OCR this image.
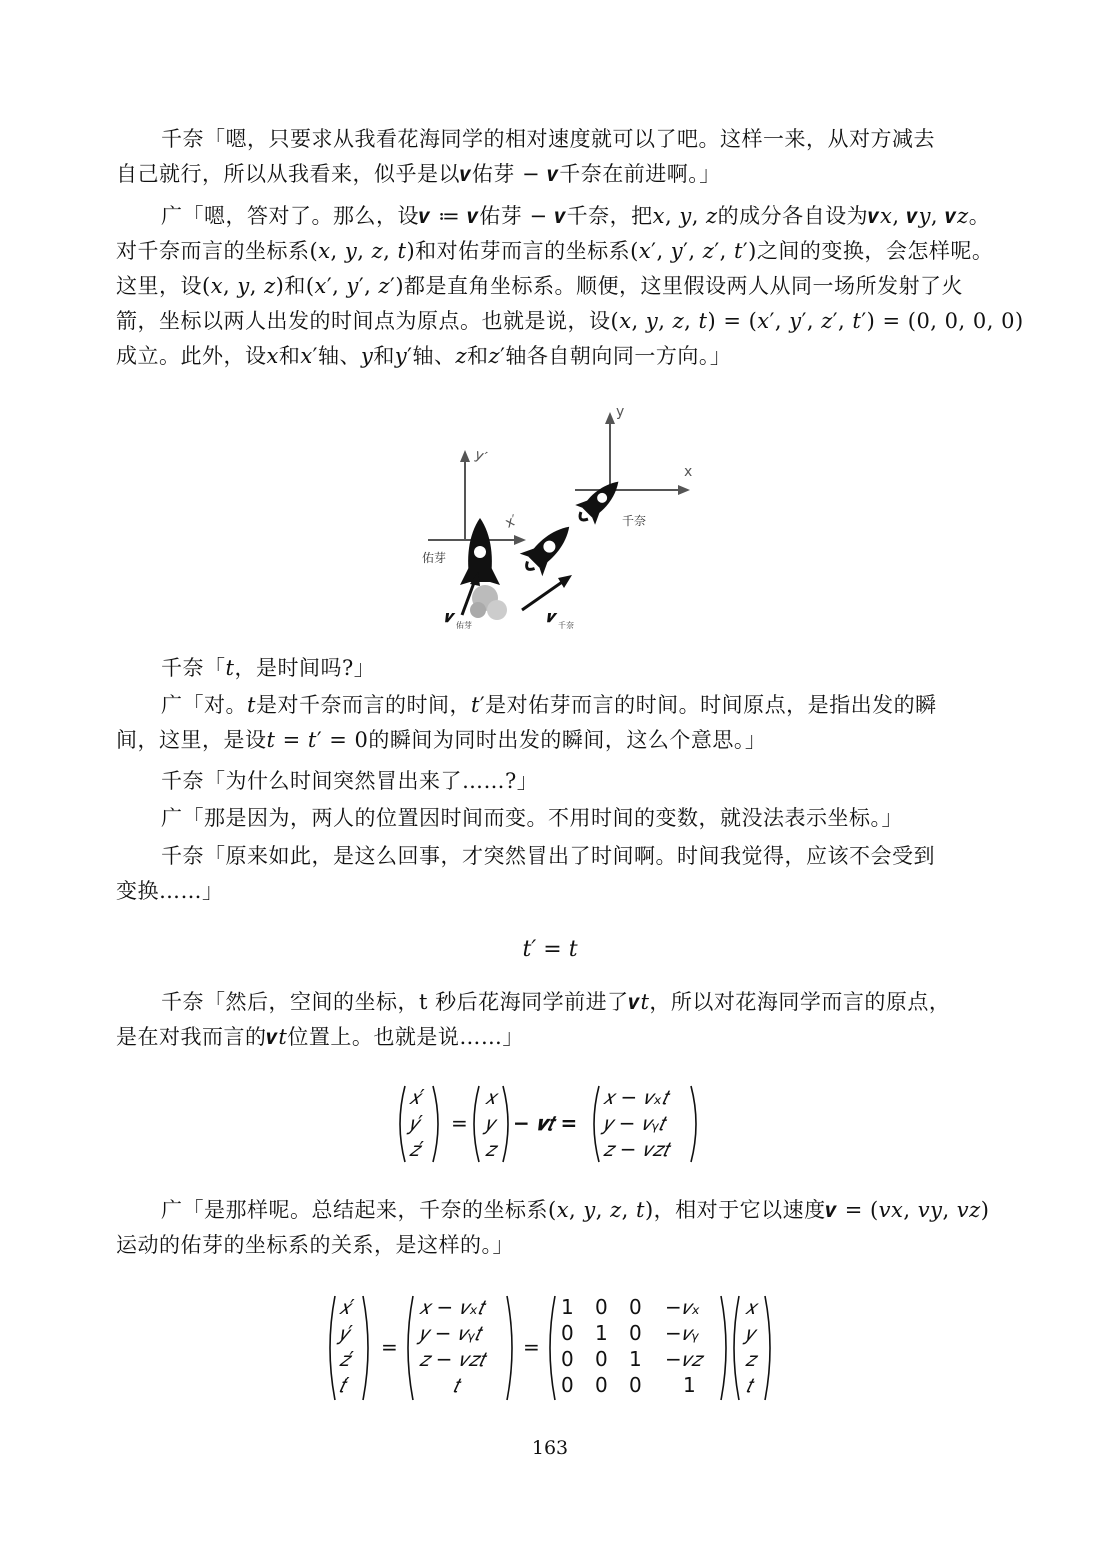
千奈「嗯，只要求从我看花海同学的相对速度就可以了吧。这样一来，从对方减去
自己就行，所以从我看来，似乎是以𝒗佑芽 − 𝒗千奈在前进啊。」
广「嗯，答对了。那么，设𝒗 ≔ 𝒗佑芽 − 𝒗千奈，把𝑥, 𝑦, 𝑧的成分各自设为𝒗𝑥, 𝒗𝑦, 𝒗𝑧。
对千奈而言的坐标系(𝑥, 𝑦, 𝑧, 𝑡)和对佑芽而言的坐标系(𝑥′, 𝑦′, 𝑧′, 𝑡′)之间的变换，会怎样呢。
这里，设(𝑥, 𝑦, 𝑧)和(𝑥′, 𝑦′, 𝑧′)都是直角坐标系。顺便，这里假设两人从同一场所发射了火
箭，坐标以两人出发的时间点为原点。也就是说，设(𝑥, 𝑦, 𝑧, 𝑡) = (𝑥′, 𝑦′, 𝑧′, 𝑡′) = (0, 0, 0, 0)
成立。此外，设𝑥和𝑥′轴、𝑦和𝑦′轴、𝑧和𝑧′轴各自朝向同一方向。」
y′
x′
y
x
佑芽
千奈
𝒗 佑芽	𝒗 千奈
千奈「𝑡，是时间吗?」
广「对。𝑡是对千奈而言的时间，𝑡′是对佑芽而言的时间。时间原点，是指出发的瞬
间，这里，是设𝑡 = 𝑡′ = 0的瞬间为同时出发的瞬间，这么个意思。」
千奈「为什么时间突然冒出来了……?」
广「那是因为，两人的位置因时间而变。不用时间的变数，就没法表示坐标。」
千奈「原来如此，是这么回事，才突然冒出了时间啊。时间我觉得，应该不会受到
变换……」
𝑡′ = 𝑡
千奈「然后，空间的坐标，t 秒后花海同学前进了𝒗𝑡，所以对花海同学而言的原点，
是在对我而言的𝒗𝑡位置上。也就是说……」
𝑥′
𝑦′
𝑧′
=
𝑥
𝑦
𝑧
− 𝒗𝑡 =
𝑥 − 𝑣ₓ𝑡
𝑦 − 𝑣ᵧ𝑡
𝑧 − 𝑣𝑧𝑡
广「是那样呢。总结起来，千奈的坐标系(𝑥, 𝑦, 𝑧, 𝑡)，相对于它以速度𝒗 = (𝑣𝑥, 𝑣𝑦, 𝑣𝑧)
运动的佑芽的坐标系的关系，是这样的。」
𝑥′
𝑦′
𝑧′
𝑡′
=
𝑥 − 𝑣ₓ𝑡
𝑦 − 𝑣ᵧ𝑡
𝑧 − 𝑣𝑧𝑡
𝑡
=
1 0 0 −𝑣ₓ
0 1 0 −𝑣ᵧ
0 0 1 −𝑣𝑧
0 0 0 1
𝑥
𝑦
𝑧
𝑡
163
